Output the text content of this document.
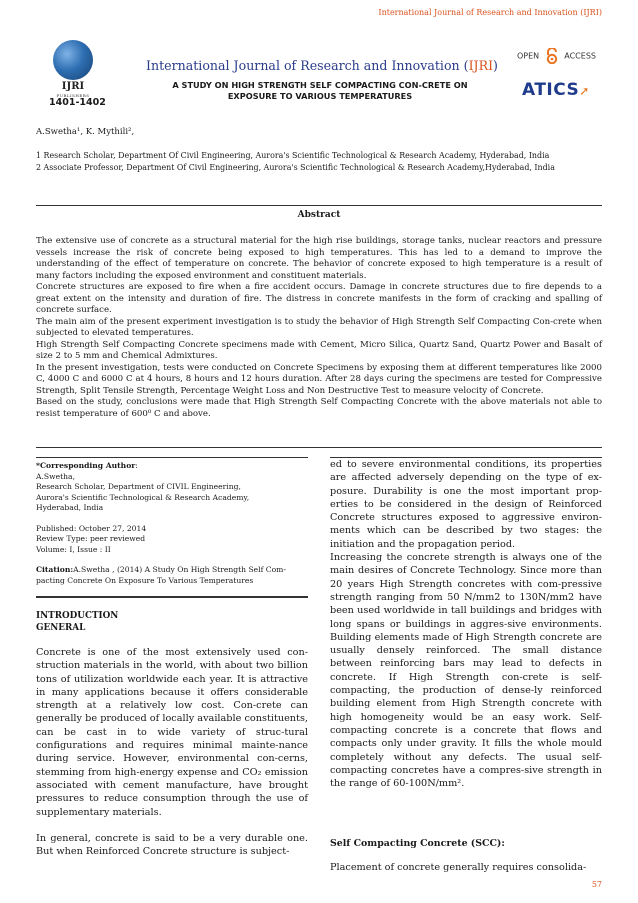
International Journal of Research and Innovation (IJRI)
IJRI
PUBLISHERS
1401-1402
International Journal of Research and Innovation (IJRI)
A STUDY ON HIGH STRENGTH SELF COMPACTING CON-CRETE ON EXPOSURE TO VARIOUS TEMPERATURES
OPEN	ACCESS
ATICS➚
A.Swetha¹, K. Mythili²,
1 Research Scholar, Department Of Civil Engineering, Aurora's Scientific Technological & Research Academy, Hyderabad, India
2 Associate Professor, Department Of Civil Engineering, Aurora's Scientific Technological & Research Academy,Hyderabad, India
Abstract

The extensive use of concrete as a structural material for the high rise buildings, storage tanks, nuclear reactors and pressure vessels increase the risk of concrete being exposed to high temperatures. This has led to a demand to improve the understanding of the effect of temperature on concrete. The behavior of concrete exposed to high temperature is a result of many factors including the exposed environment and constituent materials.

Concrete structures are exposed to fire when a fire accident occurs. Damage in concrete structures due to fire depends to a great extent on the intensity and duration of fire. The distress in concrete manifests in the form of cracking and spalling of concrete surface.

The main aim of the present experiment investigation is to study the behavior of High Strength Self Compacting Con-crete when subjected to elevated temperatures.

High Strength Self Compacting Concrete specimens made with Cement, Micro Silica, Quartz Sand, Quartz Power and Basalt of size 2 to 5 mm and Chemical Admixtures.

In the present investigation, tests were conducted on Concrete Specimens by exposing them at different temperatures like 2000 C, 4000 C and 6000 C at 4 hours, 8 hours and 12 hours duration. After 28 days curing the specimens are tested for Compressive Strength, Split Tensile Strength, Percentage Weight Loss and Non Destructive Test to measure velocity of Concrete.

Based on the study, conclusions were made that High Strength Self Compacting Concrete with the above materials not able to resist temperature of 600⁰ C and above.

*Corresponding Author:

A.Swetha,

Research Scholar, Department of CIVIL Engineering,

Aurora's Scientific Technological & Research Academy,

Hyderabad, India

Published: October 27, 2014

Review Type: peer reviewed

Volume: I, Issue : II

Citation:A.Swetha , (2014) A Study On High Strength Self Com-pacting Concrete On Exposure To Various Temperatures
INTRODUCTION
GENERAL

Concrete is one of the most extensively used con-struction materials in the world, with about two billion tons of utilization worldwide each year. It is attractive in many applications because it offers considerable strength at a relatively low cost. Con-crete can generally be produced of locally available constituents, can be cast in to wide variety of struc-tural configurations and requires minimal mainte-nance during service. However, environmental con-cerns, stemming from high-energy expense and CO₂ emission associated with cement manufacture, have brought pressures to reduce consumption through the use of supplementary materials.

In general, concrete is said to be a very durable one. But when Reinforced Concrete structure is subject-

ed to severe environmental conditions, its properties are affected adversely depending on the type of ex-posure. Durability is one the most important prop-erties to be considered in the design of Reinforced Concrete structures exposed to aggressive environ-ments which can be described by two stages: the initiation and the propagation period.

Increasing the concrete strength is always one of the main desires of Concrete Technology. Since more than 20 years High Strength concretes with com-pressive strength ranging from 50 N/mm2 to 130N/mm2 have been used worldwide in tall buildings and bridges with long spans or buildings in aggres-sive environments. Building elements made of High Strength concrete are usually densely reinforced. The small distance between reinforcing bars may lead to defects in concrete. If High Strength con-crete is self-compacting, the production of dense-ly reinforced building element from High Strength concrete with high homogeneity would be an easy work. Self-compacting concrete is a concrete that flows and compacts only under gravity. It fills the whole mould completely without any defects. The usual self-compacting concretes have a compres-sive strength in the range of 60-100N/mm².

Self Compacting Concrete (SCC):

Placement of concrete generally requires consolida-

57
